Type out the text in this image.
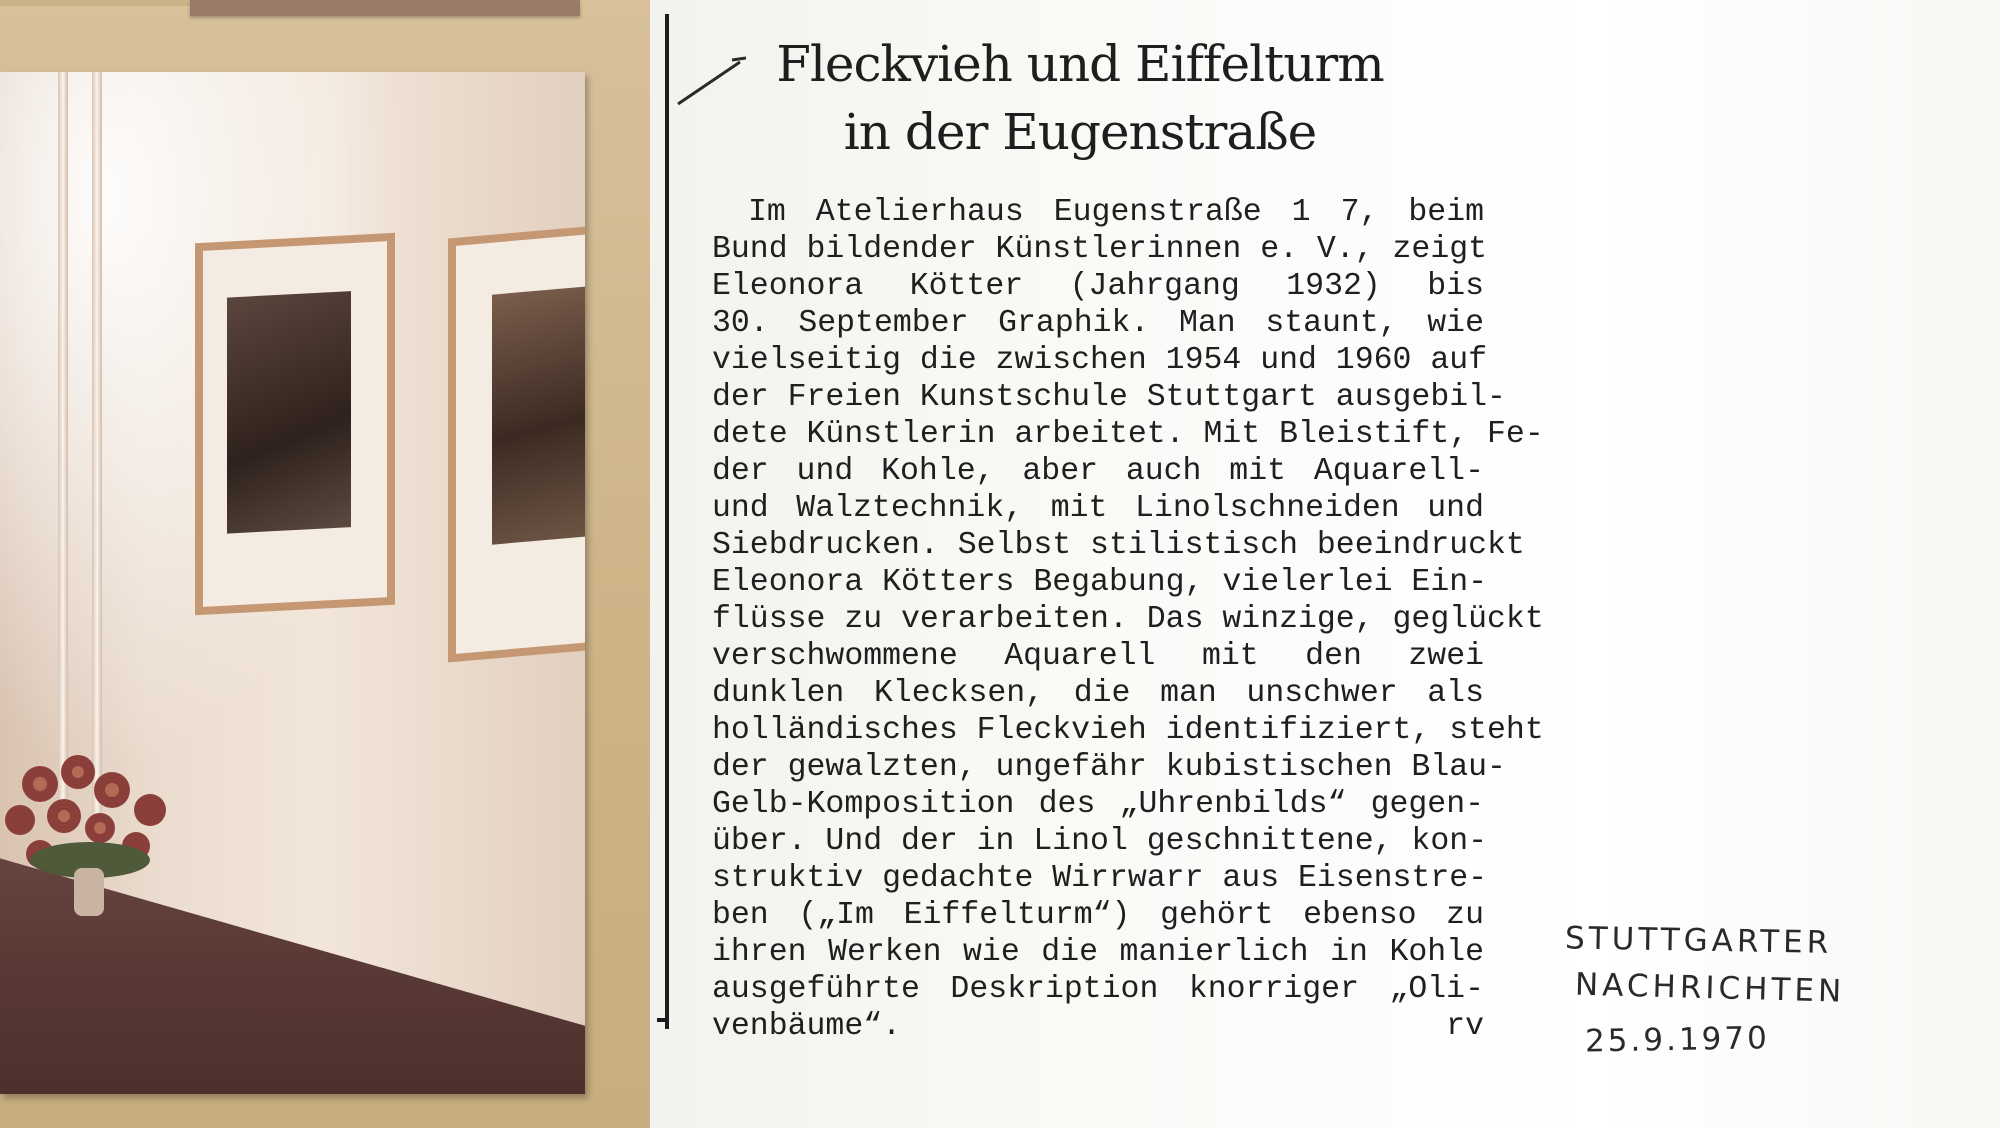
Fleckvieh und Eiffelturm
in der Eugenstraße
Im Atelierhaus Eugenstraße 1 7, beim
Bund bildender Künstlerinnen e. V., zeigt
Eleonora Kötter (Jahrgang 1932) bis
30. September Graphik. Man staunt, wie
vielseitig die zwischen 1954 und 1960 auf
der Freien Kunstschule Stuttgart ausgebil-
dete Künstlerin arbeitet. Mit Bleistift, Fe-
der und Kohle, aber auch mit Aquarell-
und Walztechnik, mit Linolschneiden und
Siebdrucken. Selbst stilistisch beeindruckt
Eleonora Kötters Begabung, vielerlei Ein-
flüsse zu verarbeiten. Das winzige, geglückt
verschwommene Aquarell mit den zwei
dunklen Klecksen, die man unschwer als
holländisches Fleckvieh identifiziert, steht
der gewalzten, ungefähr kubistischen Blau-
Gelb-Komposition des „Uhrenbilds“ gegen-
über. Und der in Linol geschnittene, kon-
struktiv gedachte Wirrwarr aus Eisenstre-
ben („Im Eiffelturm“) gehört ebenso zu
ihren Werken wie die manierlich in Kohle
ausgeführte Deskription knorriger „Oli-
venbäume“. rv
STUTTGARTER
NACHRICHTEN
25.9.1970
